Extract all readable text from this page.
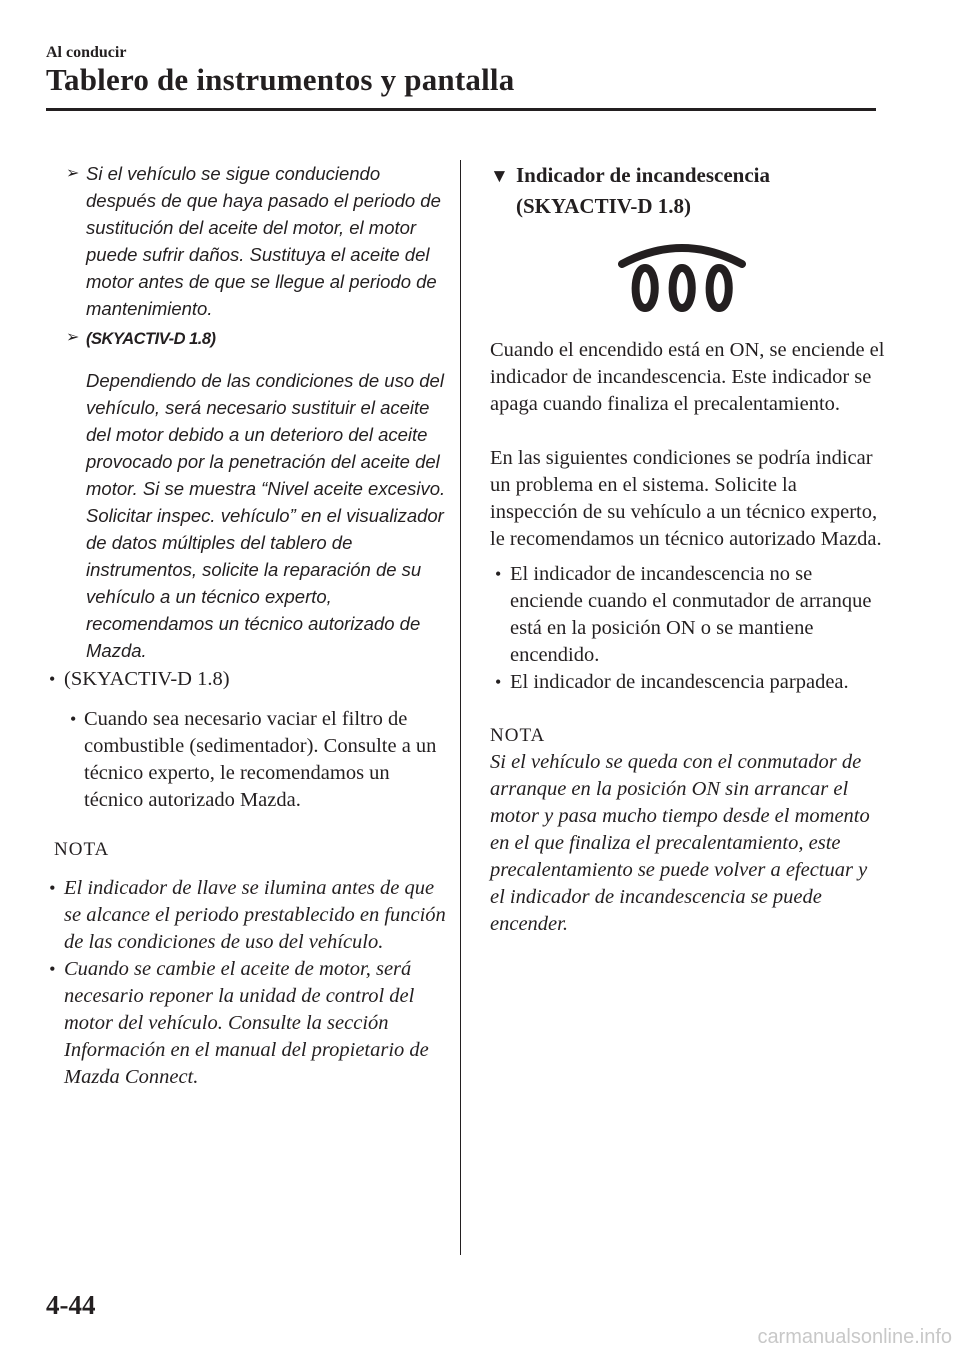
Al conducir
Tablero de instrumentos y pantalla
➢ Si el vehículo se sigue conduciendo después de que haya pasado el periodo de sustitución del aceite del motor, el motor puede sufrir daños. Sustituya el aceite del motor antes de que se llegue al periodo de mantenimiento.
➢ (SKYACTIV-D 1.8)
Dependiendo de las condiciones de uso del vehículo, será necesario sustituir el aceite del motor debido a un deterioro del aceite provocado por la penetración del aceite del motor. Si se muestra “Nivel aceite excesivo. Solicitar inspec. vehículo” en el visualizador de datos múltiples del tablero de instrumentos, solicite la reparación de su vehículo a un técnico experto, recomendamos un técnico autorizado de Mazda.
• (SKYACTIV-D 1.8)
• Cuando sea necesario vaciar el filtro de combustible (sedimentador). Consulte a un técnico experto, le recomendamos un técnico autorizado Mazda.
NOTA
• El indicador de llave se ilumina antes de que se alcance el periodo prestablecido en función de las condiciones de uso del vehículo.
• Cuando se cambie el aceite de motor, será necesario reponer la unidad de control del motor del vehículo. Consulte la sección Información en el manual del propietario de Mazda Connect.
▼ Indicador de incandescencia (SKYACTIV-D 1.8)
Cuando el encendido está en ON, se enciende el indicador de incandescencia. Este indicador se apaga cuando finaliza el precalentamiento.
En las siguientes condiciones se podría indicar un problema en el sistema. Solicite la inspección de su vehículo a un técnico experto, le recomendamos un técnico autorizado Mazda.
• El indicador de incandescencia no se enciende cuando el conmutador de arranque está en la posición ON o se mantiene encendido.
• El indicador de incandescencia parpadea.
NOTA
Si el vehículo se queda con el conmutador de arranque en la posición ON sin arrancar el motor y pasa mucho tiempo desde el momento en el que finaliza el precalentamiento, este precalentamiento se puede volver a efectuar y el indicador de incandescencia se puede encender.
4-44
carmanualsonline.info
